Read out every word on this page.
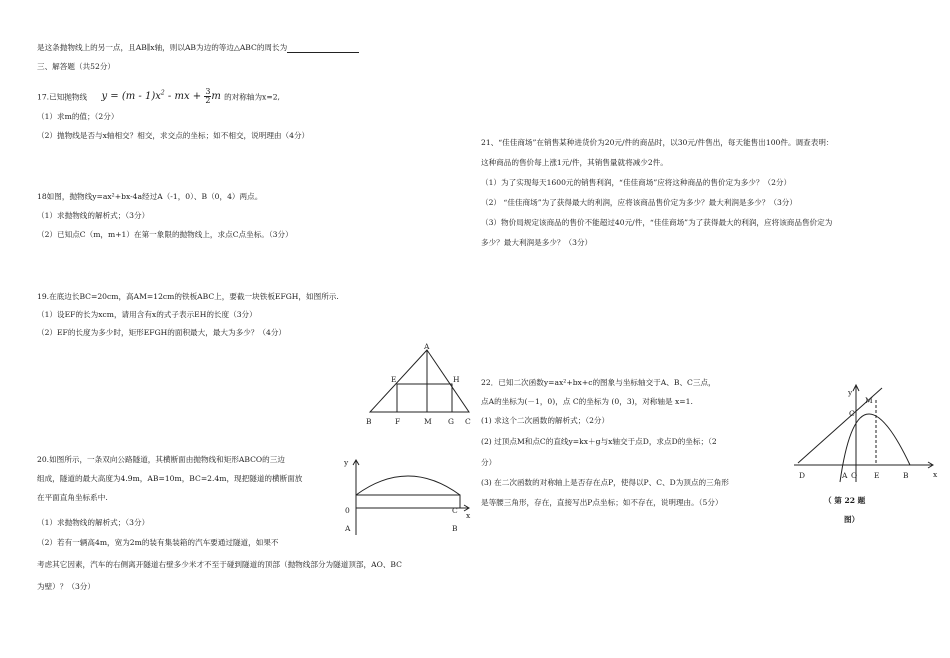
是这条抛物线上的另一点，且AB∥x轴，则以AB为边的等边△ABC的周长为
三、解答题（共52分）
17.已知抛物线 $y = (m - 1)x^2$ - mx + $\frac{3}{2}$ m 的对称轴为x=2,
（1）求m的值；（2分）
（2）抛物线是否与x轴相交？相交，求交点的坐标；如不相交，说明理由（4分）
18如图，抛物线y=ax²+bx-4a经过A（-1，0）、B（0，4）两点。
（1）求抛物线的解析式；（3分）
（2）已知点C（m，m+1）在第一象限的抛物线上，求点C点坐标。（3分）
19.在底边长BC=20cm，高AM=12cm的铁板ABC上，要截一块铁板EFGH，如图所示.
（1）设EF的长为xcm，请用含有x的式子表示EH的长度（3分）
（2）EF的长度为多少时，矩形EFGH的面积最大，最大为多少？（4分）
A
E	H
B	F	M G C
20.如图所示，一条双向公路隧道，其横断面由抛物线和矩形ABCO的三边
组成，隧道的最大高度为4.9m，AB=10m，BC=2.4m，现把隧道的横断面放
在平面直角坐标系中.
（1）求抛物线的解析式；（3分）
（2）若有一辆高4m，宽为2m的装有集装箱的汽车要通过隧道，如果不
考虑其它因素，汽车的右侧离开隧道右壁多少米才不至于碰到隧道的顶部（抛物线部分为隧道顶部，AO、BC
为壁）？（3分）
y
x
0
A
C
B
21、“佳佳商场”在销售某种进货价为20元/件的商品时，以30元/件售出，每天能售出100件。调查表明：
这种商品的售价每上涨1元/件，其销售量就将减少2件。
（1）为了实现每天1600元的销售利润，“佳佳商场”应将这种商品的售价定为多少？（2分）
（2） “佳佳商场”为了获得最大的利润，应将该商品售价定为多少？最大利润是多少？（3分）
（3）物价局规定该商品的售价不能超过40元/件，“佳佳商场”为了获得最大的利润，应将该商品售价定为
多少？最大利润是多少？（3分）
22．已知二次函数y=ax²+bx+c的图象与坐标轴交于A、B、C三点，
点A的坐标为(－1，0)，点 C的坐标为 (0，3)，对称轴是 x=1.
(1) 求这个二次函数的解析式；（2分）
(2) 过顶点M和点C的直线y=kx＋g与x轴交于点D，求点D的坐标；（2
分）
(3) 在二次函数的对称轴上是否存在点P，使得以P、C、D为顶点的三角形
是等腰三角形，存在，直接写出P点坐标；如不存在，说明理由。（5分）
y
x
M
C
D	A O E	B
（ 第 22 题
图）
